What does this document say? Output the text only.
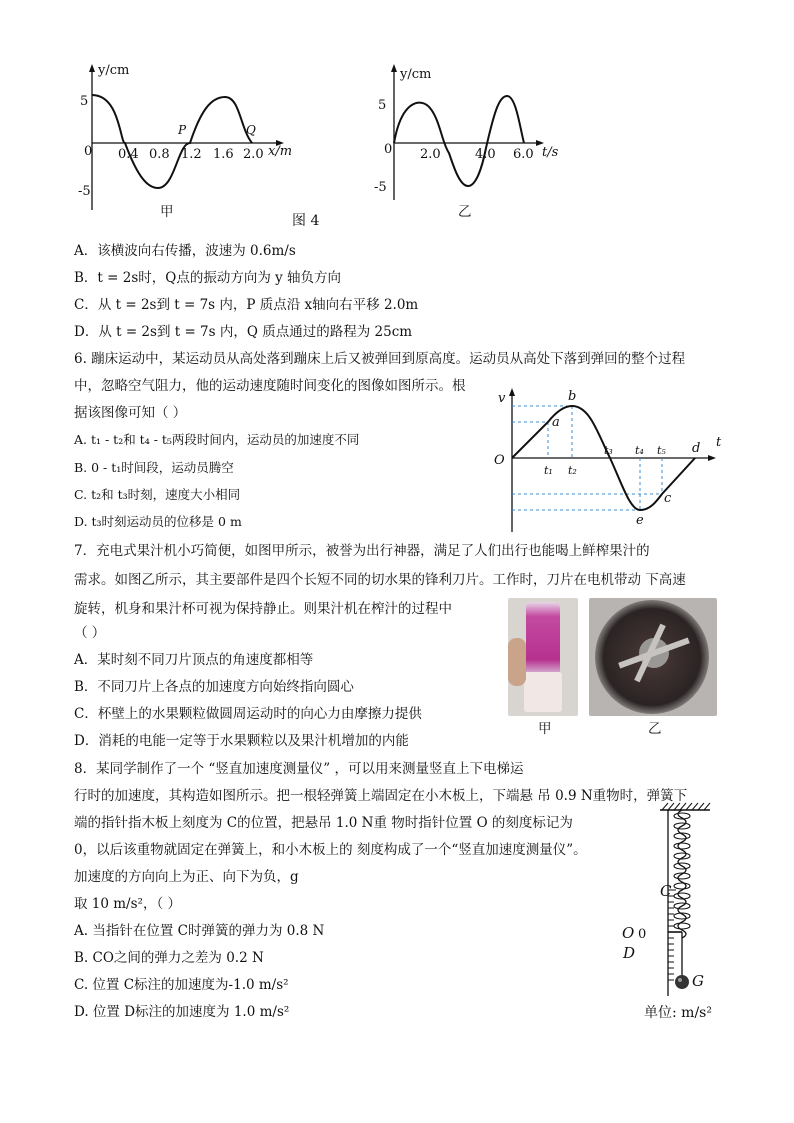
y/cm
x/m
0
5
-5
0.4 0.8 1.2 1.6 2.0
P	Q
甲
图 4
y/cm
t/s
0
5
-5
2.0	4.0 6.0
乙
A．该横波向右传播，波速为 0.6m/s
B．t = 2s时，Q点的振动方向为 y 轴负方向
C．从 t = 2s到 t = 7s 内，P 质点沿 x轴向右平移 2.0m
D．从 t = 2s到 t = 7s 内，Q 质点通过的路程为 25cm
6. 蹦床运动中，某运动员从高处落到蹦床上后又被弹回到原高度。运动员从高处下落到弹回的整个过程
中，忽略空气阻力，他的运动速度随时间变化的图像如图所示。根
据该图像可知（ ）
A. t₁ - t₂和 t₄ - t₅两段时间内，运动员的加速度不同
B. 0 - t₁时间段，运动员腾空
C. t₂和 t₃时刻，速度大小相同
D. t₃时刻运动员的位移是 0 m
v
t
O
t₁ t₂
t₃ t₄ t₅
a
b
c
d
e
7．充电式果汁机小巧简便，如图甲所示，被誉为出行神器，满足了人们出行也能喝上鲜榨果汁的
需求。如图乙所示，其主要部件是四个长短不同的切水果的锋利刀片。工作时，刀片在电机带动 下高速
旋转，机身和果汁杯可视为保持静止。则果汁机在榨汁的过程中
（ ）
A．某时刻不同刀片顶点的角速度都相等
B．不同刀片上各点的加速度方向始终指向圆心
C．杯壁上的水果颗粒做圆周运动时的向心力由摩擦力提供
D．消耗的电能一定等于水果颗粒以及果汁机增加的内能
甲	乙
8．某同学制作了一个 “竖直加速度测量仪” ，可以用来测量竖直上下电梯运
行时的加速度，其构造如图所示。把一根轻弹簧上端固定在小木板上，下端悬 吊 0.9 N重物时，弹簧下
端的指针指木板上刻度为 C的位置，把悬吊 1.0 N重 物时指针位置 O 的刻度标记为
0，以后该重物就固定在弹簧上，和小木板上的 刻度构成了一个“竖直加速度测量仪”。
加速度的方向向上为正、向下为负，g
取 10 m/s²，（ ）
A. 当指针在位置 C时弹簧的弹力为 0.8 N
B. CO之间的弹力之差为 0.2 N
C. 位置 C标注的加速度为-1.0 m/s²
D. 位置 D标注的加速度为 1.0 m/s²
C
O 0
D
G
单位: m/s²
